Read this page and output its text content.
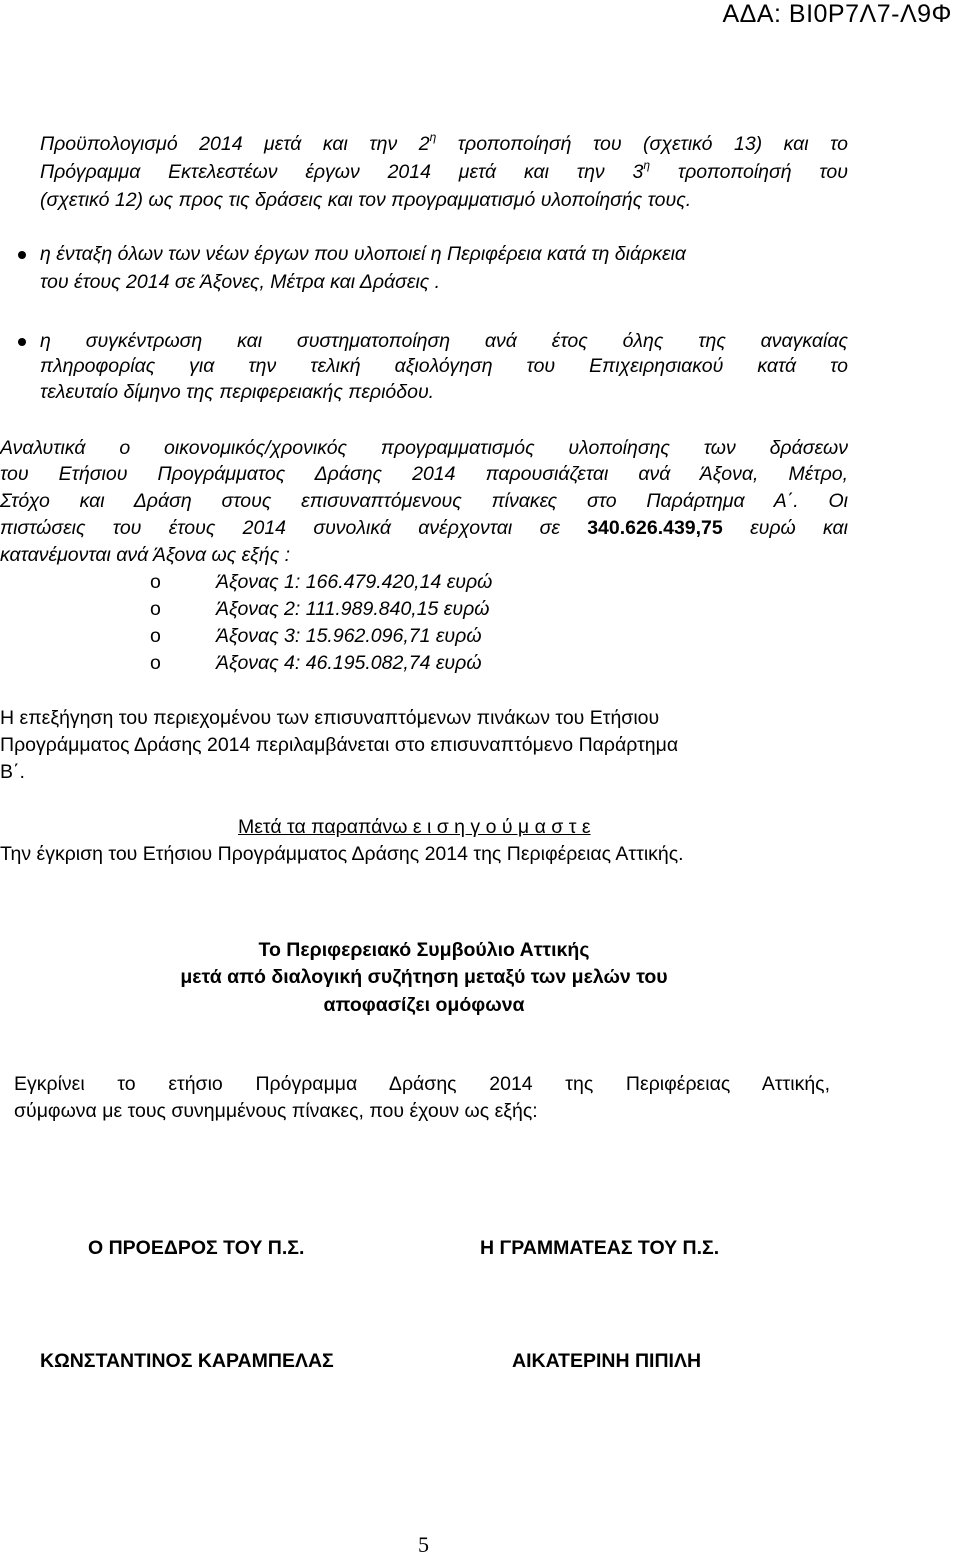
ΑΔΑ: ΒΙ0Ρ7Λ7-Λ9Φ
Προϋπολογισμό 2014 μετά και την $2^\eta$ τροποποίησή του (σχετικό 13) και το
Πρόγραμμα Εκτελεστέων έργων 2014 μετά και την $3^\eta$ τροποποίησή του
(σχετικό 12) ως προς τις δράσεις και τον προγραμματισμό υλοποίησής τους.
η ένταξη όλων των νέων έργων που υλοποιεί η Περιφέρεια κατά τη διάρκεια
του έτους 2014 σε Άξονες, Μέτρα και Δράσεις .
η συγκέντρωση και συστηματοποίηση ανά έτος όλης της αναγκαίας
πληροφορίας για την τελική αξιολόγηση του Επιχειρησιακού κατά το
τελευταίο δίμηνο της περιφερειακής περιόδου.
Αναλυτικά ο οικονομικός/χρονικός προγραμματισμός υλοποίησης των δράσεων
του Ετήσιου Προγράμματος Δράσης 2014 παρουσιάζεται ανά Άξονα, Μέτρο,
Στόχο και Δράση στους επισυναπτόμενους πίνακες στο Παράρτημα Α΄. Οι
πιστώσεις του έτους 2014 συνολικά ανέρχονται σε 340.626.439,75 ευρώ και
κατανέμονται ανά Άξονα ως εξής :
o	Άξονας 1: 166.479.420,14 ευρώ
o	Άξονας 2: 111.989.840,15 ευρώ
o	Άξονας 3: 15.962.096,71 ευρώ
o	Άξονας 4: 46.195.082,74 ευρώ
Η επεξήγηση του περιεχομένου των επισυναπτόμενων πινάκων του Ετήσιου
Προγράμματος Δράσης 2014 περιλαμβάνεται στο επισυναπτόμενο Παράρτημα
Β΄.
Μετά τα παραπάνω ε ι σ η γ ο ύ μ α σ τ ε
Την έγκριση του Ετήσιου Προγράμματος Δράσης 2014 της Περιφέρειας Αττικής.
Το Περιφερειακό Συμβούλιο Αττικής
μετά από διαλογική συζήτηση μεταξύ των μελών του
αποφασίζει ομόφωνα
Εγκρίνει το ετήσιο Πρόγραμμα Δράσης 2014 της Περιφέρειας Αττικής,
σύμφωνα με τους συνημμένους πίνακες, που έχουν ως εξής:
Ο ΠΡΟΕΔΡΟΣ ΤΟΥ Π.Σ.	Η ΓΡΑΜΜΑΤΕΑΣ ΤΟΥ Π.Σ.
ΚΩΝΣΤΑΝΤΙΝΟΣ ΚΑΡΑΜΠΕΛΑΣ	ΑΙΚΑΤΕΡΙΝΗ ΠΙΠΙΛΗ
5
